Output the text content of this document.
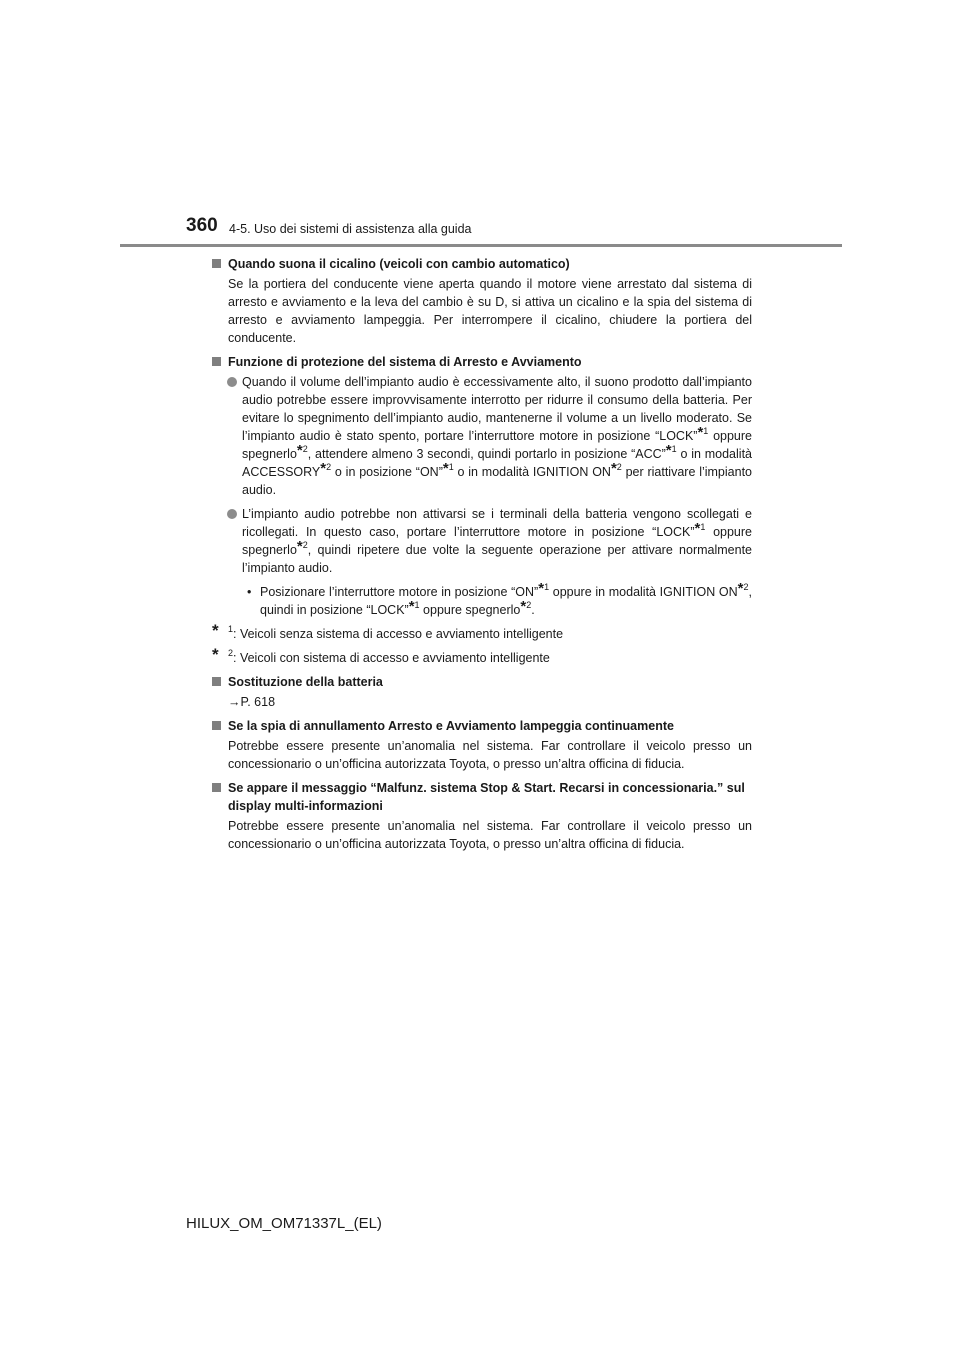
360 4-5. Uso dei sistemi di assistenza alla guida
Quando suona il cicalino (veicoli con cambio automatico)
Se la portiera del conducente viene aperta quando il motore viene arrestato dal sistema di arresto e avviamento e la leva del cambio è su D, si attiva un cicalino e la spia del sistema di arresto e avviamento lampeggia. Per interrompere il cicalino, chiudere la portiera del conducente.
Funzione di protezione del sistema di Arresto e Avviamento
Quando il volume dell’impianto audio è eccessivamente alto, il suono prodotto dall’impianto audio potrebbe essere improvvisamente interrotto per ridurre il consumo della batteria. Per evitare lo spegnimento dell’impianto audio, mantenerne il volume a un livello moderato. Se l’impianto audio è stato spento, portare l’interruttore motore in posizione “LOCK”*$^1$ oppure spegnerlo*$^2$, attendere almeno 3 secondi, quindi portarlo in posizione “ACC”*$^1$ o in modalità ACCESSORY*$^2$ o in posizione “ON”*$^1$ o in modalità IGNITION ON*$^2$ per riattivare l’impianto audio.
L’impianto audio potrebbe non attivarsi se i terminali della batteria vengono scollegati e ricollegati. In questo caso, portare l’interruttore motore in posizione “LOCK”*$^1$ oppure spegnerlo*$^2$, quindi ripetere due volte la seguente operazione per attivare normalmente l’impianto audio.
• Posizionare l’interruttore motore in posizione “ON”*$^1$ oppure in modalità IGNITION ON*$^2$, quindi in posizione “LOCK”*$^1$ oppure spegnerlo*$^2$.
* $^1$: Veicoli senza sistema di accesso e avviamento intelligente
* $^2$: Veicoli con sistema di accesso e avviamento intelligente
Sostituzione della batteria
→P. 618
Se la spia di annullamento Arresto e Avviamento lampeggia continuamente
Potrebbe essere presente un’anomalia nel sistema. Far controllare il veicolo presso un concessionario o un’officina autorizzata Toyota, o presso un’altra officina di fiducia.
Se appare il messaggio “Malfunz. sistema Stop & Start. Recarsi in concessionaria.” sul display multi-informazioni
Potrebbe essere presente un’anomalia nel sistema. Far controllare il veicolo presso un concessionario o un’officina autorizzata Toyota, o presso un’altra officina di fiducia.
HILUX_OM_OM71337L_(EL)
